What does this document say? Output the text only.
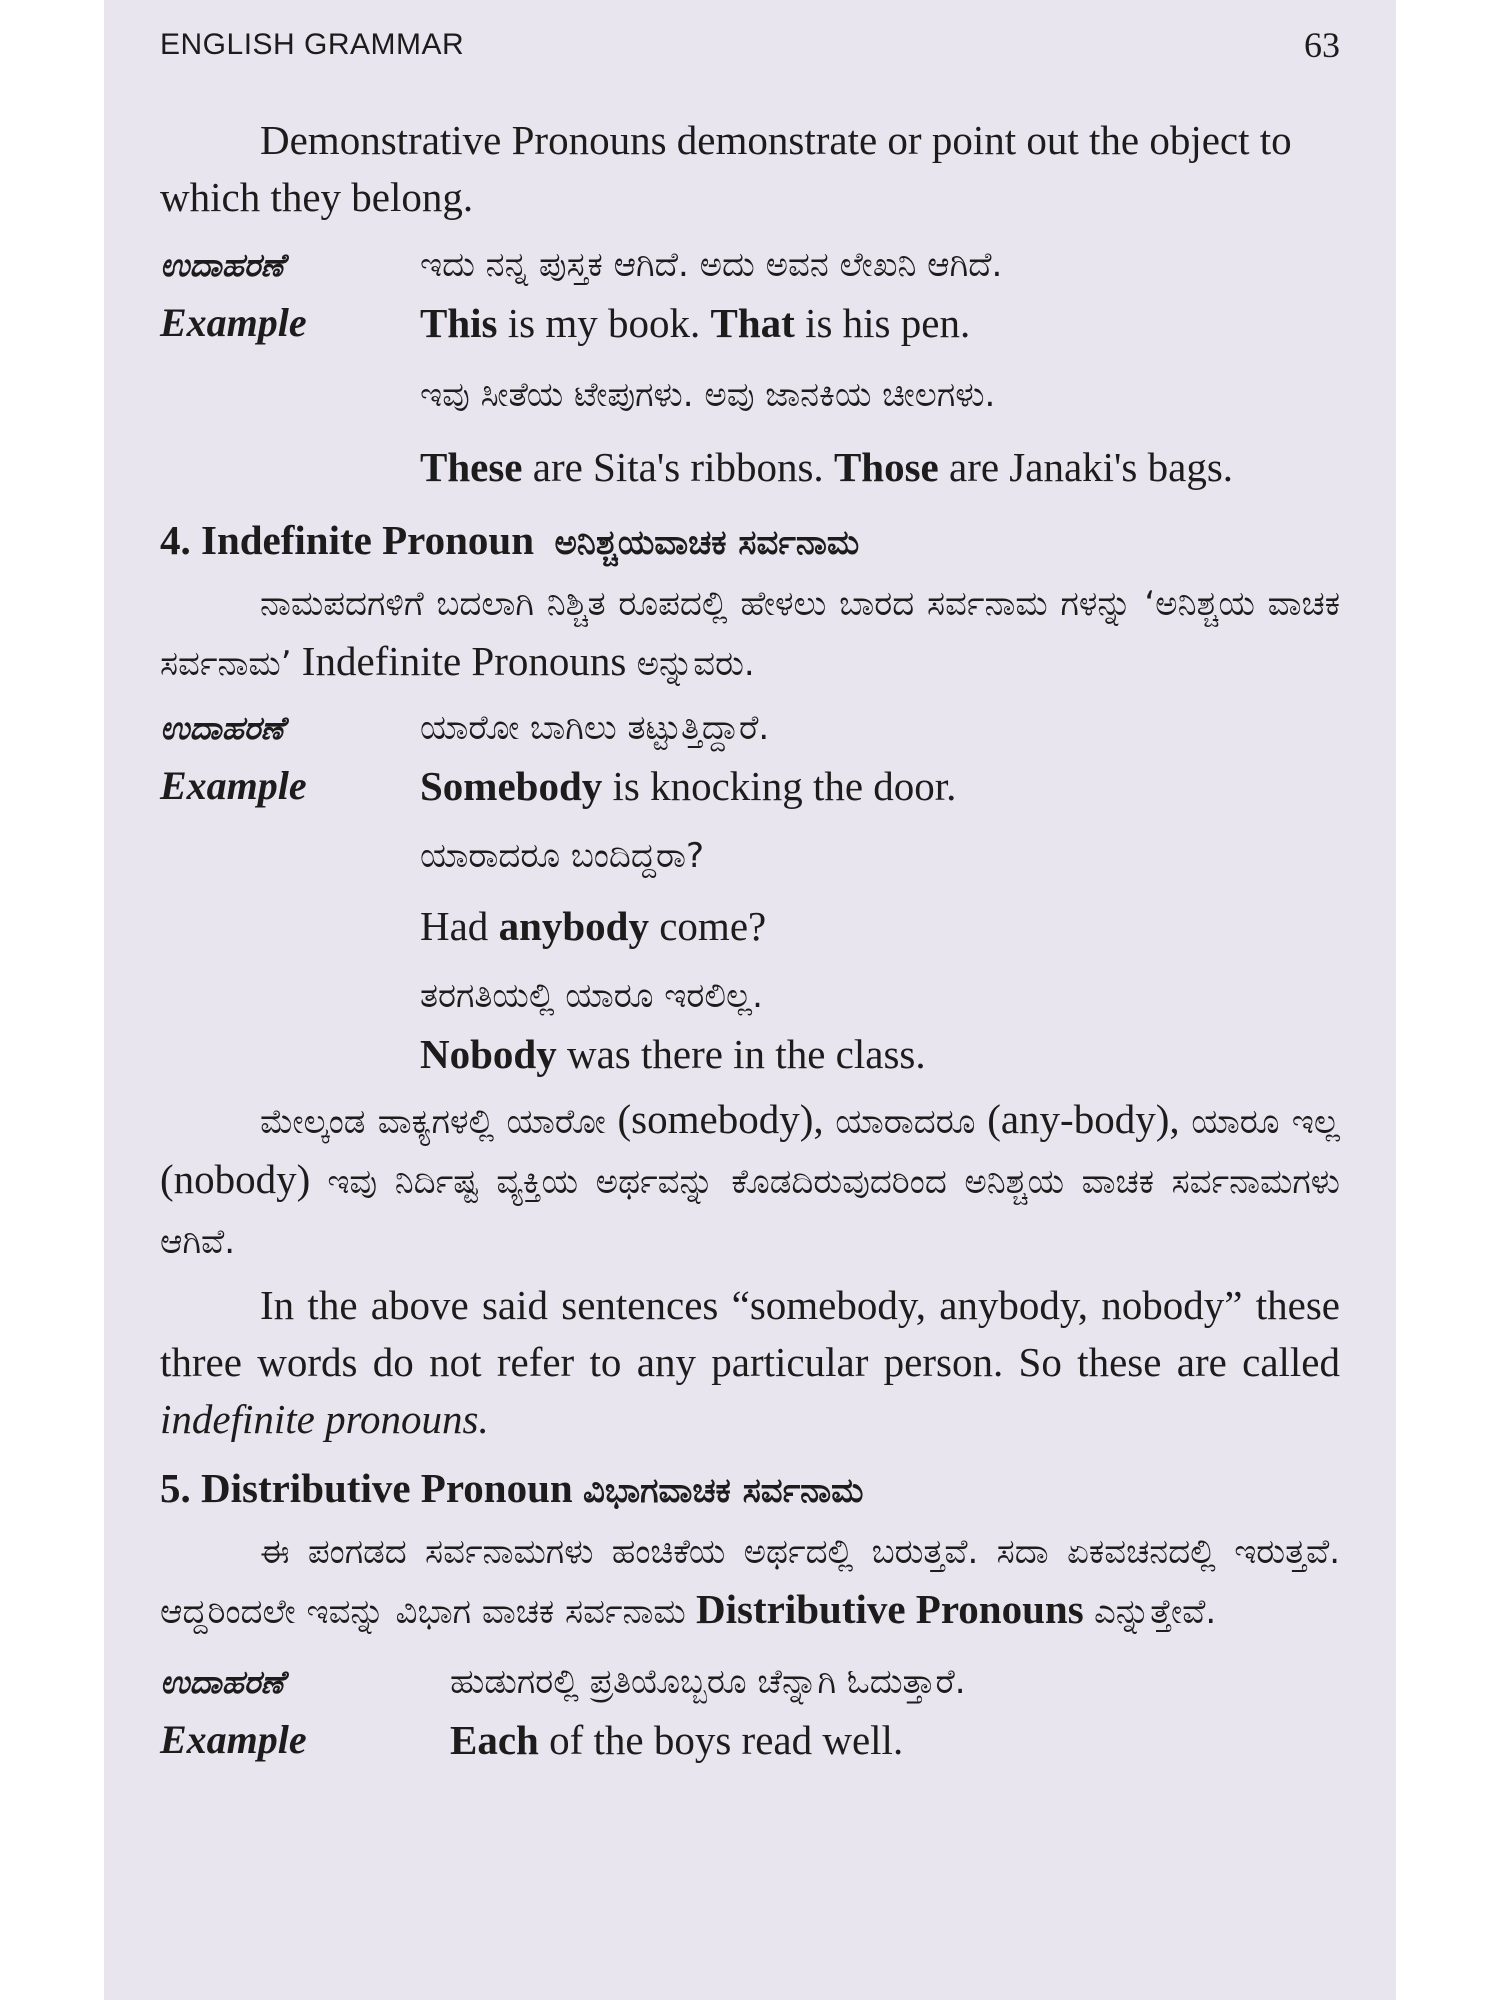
ENGLISH GRAMMAR	63

Demonstrative Pronouns demonstrate or point out the object to which they belong.

ಉದಾಹರಣೆ	ಇದು ನನ್ನ ಪುಸ್ತಕ ಆಗಿದೆ. ಅದು ಅವನ ಲೇಖನಿ ಆಗಿದೆ.
Example	This is my book. That is his pen.
ಇವು ಸೀತೆಯ ಟೇಪುಗಳು. ಅವು ಜಾನಕಿಯ ಚೀಲಗಳು.
These are Sita's ribbons. Those are Janaki's bags.

4. Indefinite Pronoun ಅನಿಶ್ಚಯವಾಚಕ ಸರ್ವನಾಮ

ನಾಮಪದಗಳಿಗೆ ಬದಲಾಗಿ ನಿಶ್ಚಿತ ರೂಪದಲ್ಲಿ ಹೇಳಲು ಬಾರದ ಸರ್ವನಾಮ ಗಳನ್ನು ‘ಅನಿಶ್ಚಯ ವಾಚಕ ಸರ್ವನಾಮ’ Indefinite Pronouns ಅನ್ನುವರು.

ಉದಾಹರಣೆ	ಯಾರೋ ಬಾಗಿಲು ತಟ್ಟುತ್ತಿದ್ದಾರೆ.
Example	Somebody is knocking the door.
ಯಾರಾದರೂ ಬಂದಿದ್ದರಾ?
Had anybody come?
ತರಗತಿಯಲ್ಲಿ ಯಾರೂ ಇರಲಿಲ್ಲ.
Nobody was there in the class.

ಮೇಲ್ಕಂಡ ವಾಕ್ಯಗಳಲ್ಲಿ ಯಾರೋ (somebody), ಯಾರಾದರೂ (any-body), ಯಾರೂ ಇಲ್ಲ (nobody) ಇವು ನಿರ್ದಿಷ್ಟ ವ್ಯಕ್ತಿಯ ಅರ್ಥವನ್ನು ಕೊಡದಿರುವುದರಿಂದ ಅನಿಶ್ಚಯ ವಾಚಕ ಸರ್ವನಾಮಗಳು ಆಗಿವೆ.

In the above said sentences “somebody, anybody, nobody” these three words do not refer to any particular person. So these are called indefinite pronouns.

5. Distributive Pronoun ವಿಭಾಗವಾಚಕ ಸರ್ವನಾಮ

ಈ ಪಂಗಡದ ಸರ್ವನಾಮಗಳು ಹಂಚಿಕೆಯ ಅರ್ಥದಲ್ಲಿ ಬರುತ್ತವೆ. ಸದಾ ಏಕವಚನದಲ್ಲಿ ಇರುತ್ತವೆ. ಆದ್ದರಿಂದಲೇ ಇವನ್ನು ವಿಭಾಗ ವಾಚಕ ಸರ್ವನಾಮ Distributive Pronouns ಎನ್ನುತ್ತೇವೆ.

ಉದಾಹರಣೆ	ಹುಡುಗರಲ್ಲಿ ಪ್ರತಿಯೊಬ್ಬರೂ ಚೆನ್ನಾಗಿ ಓದುತ್ತಾರೆ.
Example	Each of the boys read well.
